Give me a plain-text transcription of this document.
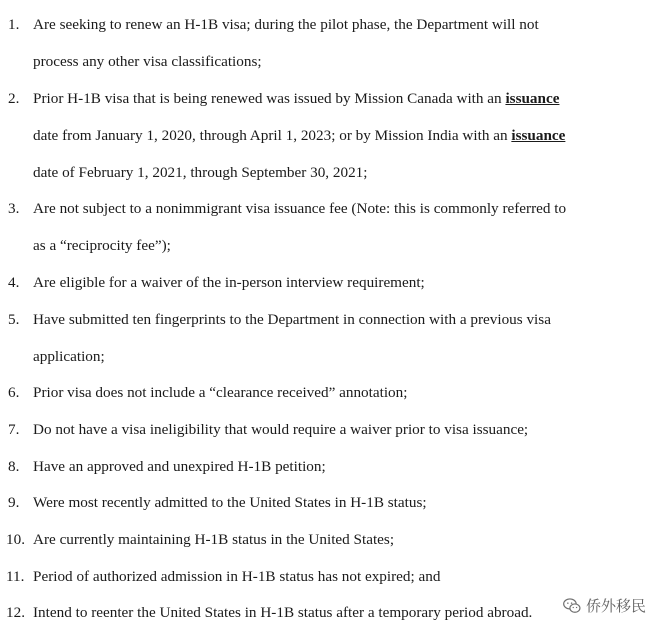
1. Are seeking to renew an H-1B visa; during the pilot phase, the Department will not
process any other visa classifications;
2. Prior H-1B visa that is being renewed was issued by Mission Canada with an issuance
date from January 1, 2020, through April 1, 2023; or by Mission India with an issuance
date of February 1, 2021, through September 30, 2021;
3. Are not subject to a nonimmigrant visa issuance fee (Note: this is commonly referred to
as a “reciprocity fee”);
4. Are eligible for a waiver of the in-person interview requirement;
5. Have submitted ten fingerprints to the Department in connection with a previous visa
application;
6. Prior visa does not include a “clearance received” annotation;
7. Do not have a visa ineligibility that would require a waiver prior to visa issuance;
8. Have an approved and unexpired H-1B petition;
9. Were most recently admitted to the United States in H-1B status;
10. Are currently maintaining H-1B status in the United States;
11. Period of authorized admission in H-1B status has not expired; and
12. Intend to reenter the United States in H-1B status after a temporary period abroad.	侨外移民
